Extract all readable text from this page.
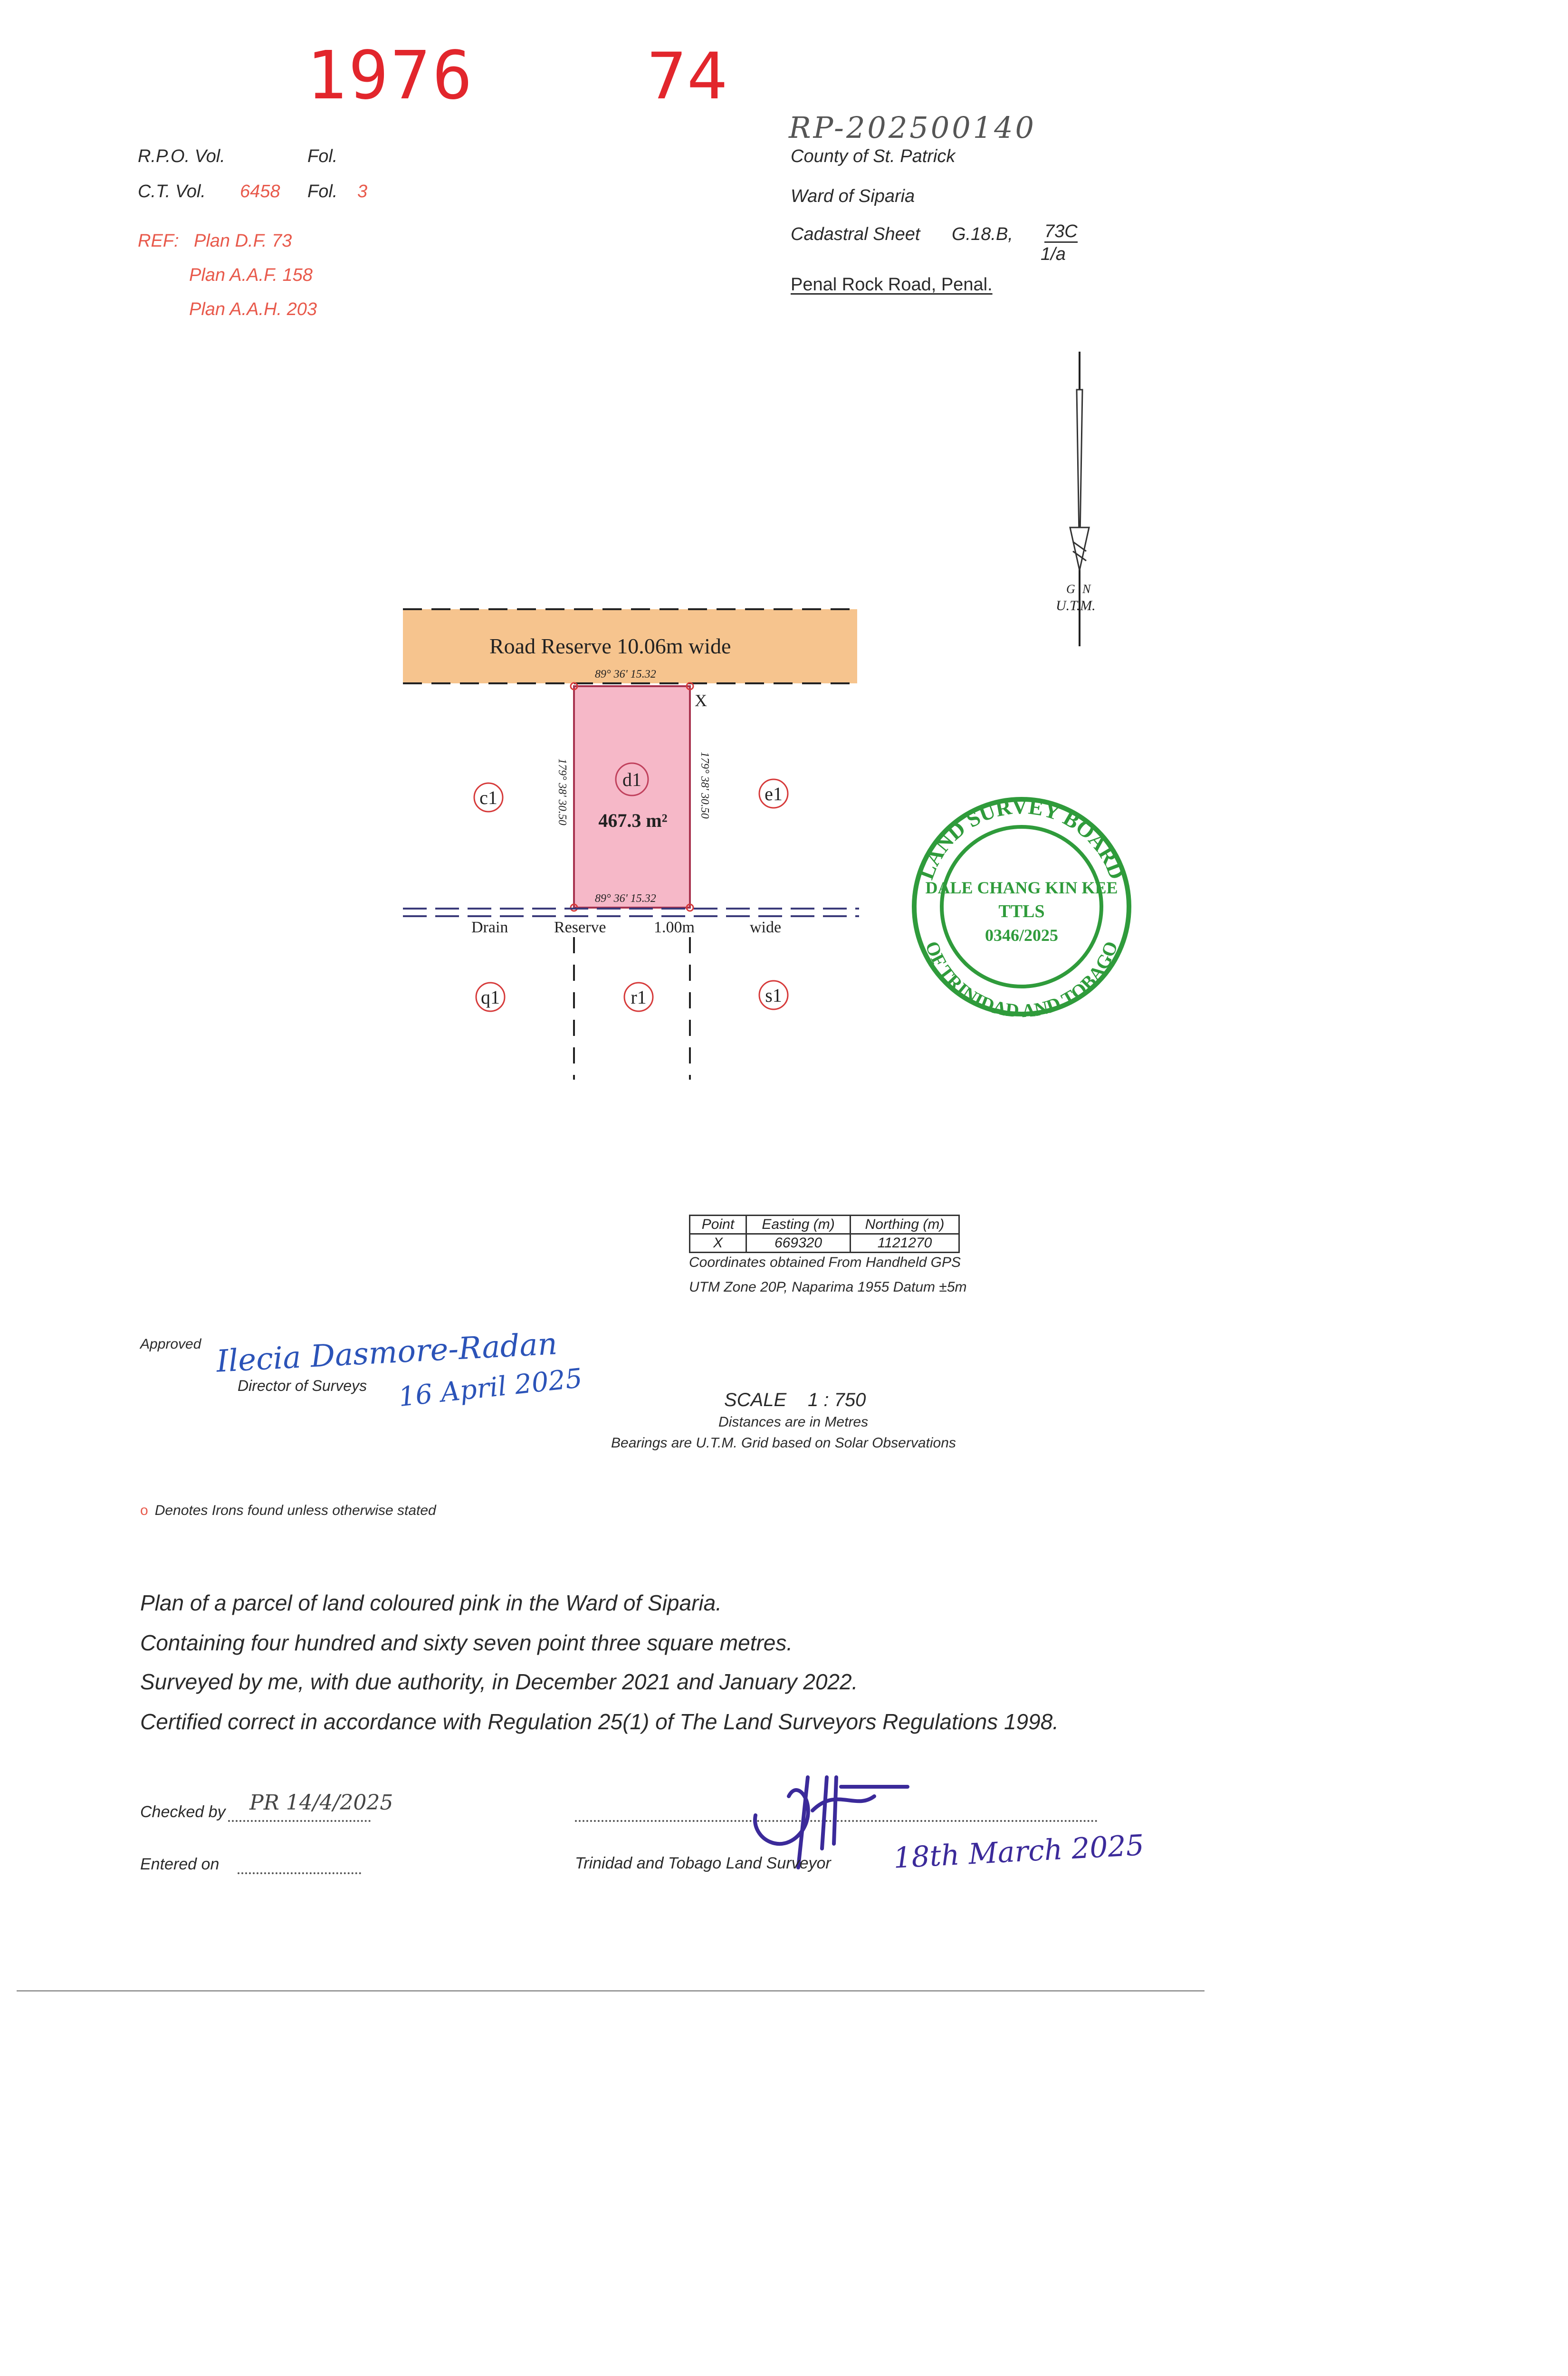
1976	74
RP-202500140
R.P.O. Vol.	Fol.
C.T. Vol. 6458 Fol. 3
REF: Plan D.F. 73
Plan A.A.F. 158
Plan A.A.H. 203
County of St. Patrick
Ward of Siparia
Cadastral Sheet G.18.B, 73C
1/a
Penal Rock Road, Penal.
G N
U.T.M.
Road Reserve 10.06m wide
89° 36' 15.32
89° 36' 15.32
179° 38' 30.50	179° 38' 30.50
X
d1
467.3 m²
c1	e1
q1	r1	s1
Drain	Reserve	1.00m	wide
LAND SURVEY BOARD
OF TRINIDAD AND TOBAGO
DALE CHANG KIN KEE
TTLS
0346/2025
Point	Easting (m)	Northing (m)
X	669320	1121270
Coordinates obtained From Handheld GPS
UTM Zone 20P, Naparima 1955 Datum ±5m
Approved Ilecia Dasmore-Radan
Director of Surveys 16 April 2025	SCALE 1 : 750
Distances are in Metres
Bearings are U.T.M. Grid based on Solar Observations
o Denotes Irons found unless otherwise stated
Plan of a parcel of land coloured pink in the Ward of Siparia.
Containing four hundred and sixty seven point three square metres.
Surveyed by me, with due authority, in December 2021 and January 2022.
Certified correct in accordance with Regulation 25(1) of The Land Surveyors Regulations 1998.
Checked by PR 14/4/2025
Entered on	Trinidad and Tobago Land Surveyor 18th March 2025
